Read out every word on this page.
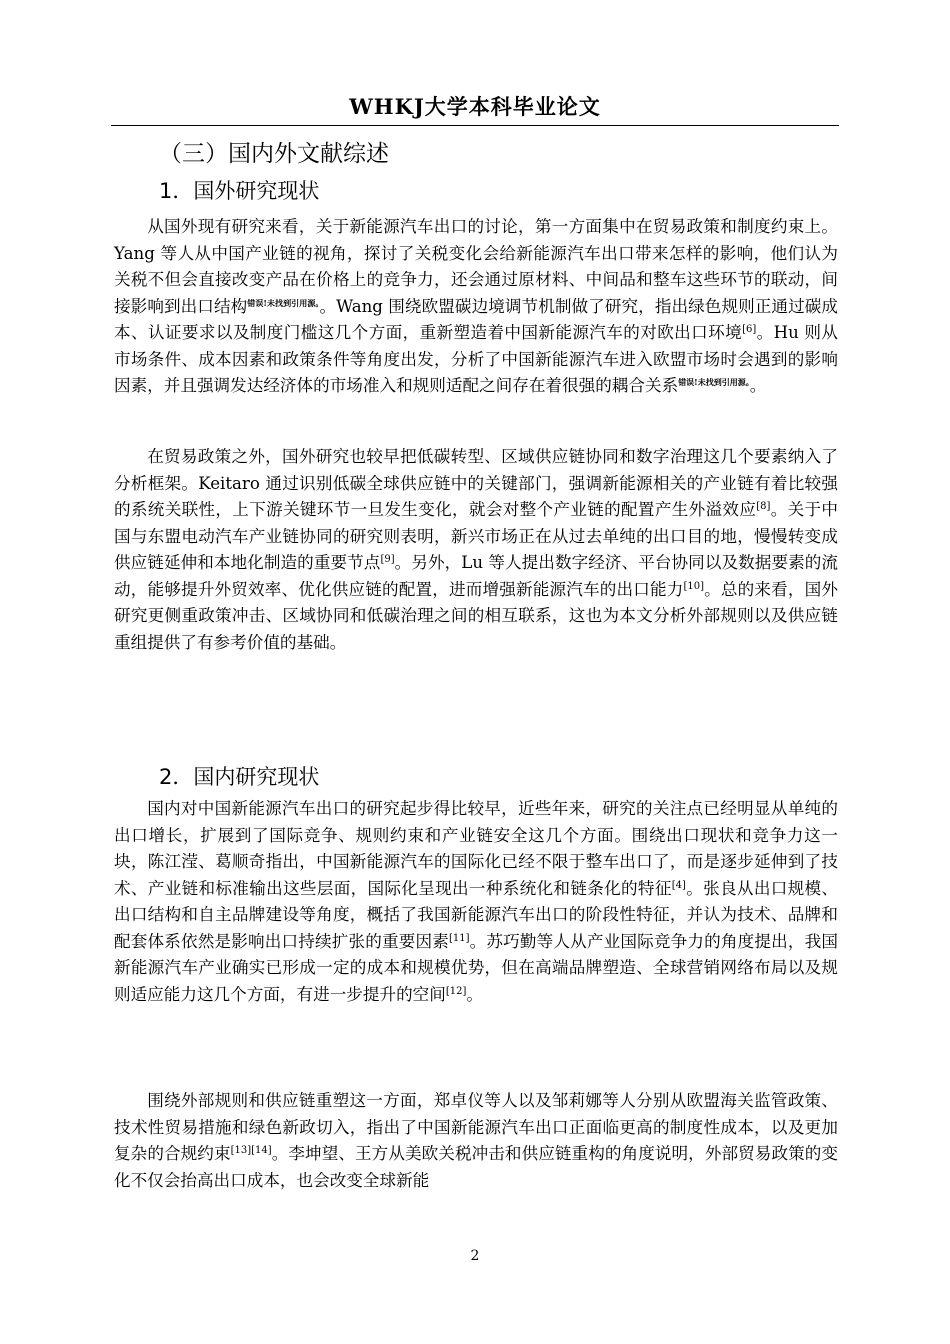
WHKJ大学本科毕业论文
（三）国内外文献综述
1．国外研究现状

从国外现有研究来看，关于新能源汽车出口的讨论，第一方面集中在贸易政策和制度约束上。Yang 等人从中国产业链的视角，探讨了关税变化会给新能源汽车出口带来怎样的影响，他们认为关税不但会直接改变产品在价格上的竞争力，还会通过原材料、中间品和整车这些环节的联动，间接影响到出口结构$^{错误!未找到引用源。}$。Wang 围绕欧盟碳边境调节机制做了研究，指出绿色规则正通过碳成本、认证要求以及制度门槛这几个方面，重新塑造着中国新能源汽车的对欧出口环境[6]。Hu 则从市场条件、成本因素和政策条件等角度出发，分析了中国新能源汽车进入欧盟市场时会遇到的影响因素，并且强调发达经济体的市场准入和规则适配之间存在着很强的耦合关系$^{错误!未找到引用源。}$。

在贸易政策之外，国外研究也较早把低碳转型、区域供应链协同和数字治理这几个要素纳入了分析框架。Keitaro 通过识别低碳全球供应链中的关键部门，强调新能源相关的产业链有着比较强的系统关联性，上下游关键环节一旦发生变化，就会对整个产业链的配置产生外溢效应[8]。关于中国与东盟电动汽车产业链协同的研究则表明，新兴市场正在从过去单纯的出口目的地，慢慢转变成供应链延伸和本地化制造的重要节点[9]。另外，Lu 等人提出数字经济、平台协同以及数据要素的流动，能够提升外贸效率、优化供应链的配置，进而增强新能源汽车的出口能力[10]。总的来看，国外研究更侧重政策冲击、区域协同和低碳治理之间的相互联系，这也为本文分析外部规则以及供应链重组提供了有参考价值的基础。

2．国内研究现状

国内对中国新能源汽车出口的研究起步得比较早，近些年来，研究的关注点已经明显从单纯的出口增长，扩展到了国际竞争、规则约束和产业链安全这几个方面。围绕出口现状和竞争力这一块，陈江滢、葛顺奇指出，中国新能源汽车的国际化已经不限于整车出口了，而是逐步延伸到了技术、产业链和标准输出这些层面，国际化呈现出一种系统化和链条化的特征[4]。张良从出口规模、出口结构和自主品牌建设等角度，概括了我国新能源汽车出口的阶段性特征，并认为技术、品牌和配套体系依然是影响出口持续扩张的重要因素[11]。苏巧勤等人从产业国际竞争力的角度提出，我国新能源汽车产业确实已形成一定的成本和规模优势，但在高端品牌塑造、全球营销网络布局以及规则适应能力这几个方面，有进一步提升的空间[12]。

围绕外部规则和供应链重塑这一方面，郑卓仪等人以及邹莉娜等人分别从欧盟海关监管政策、技术性贸易措施和绿色新政切入，指出了中国新能源汽车出口正面临更高的制度性成本，以及更加复杂的合规约束[13][14]。李坤望、王方从美欧关税冲击和供应链重构的角度说明，外部贸易政策的变化不仅会抬高出口成本，也会改变全球新能

2
